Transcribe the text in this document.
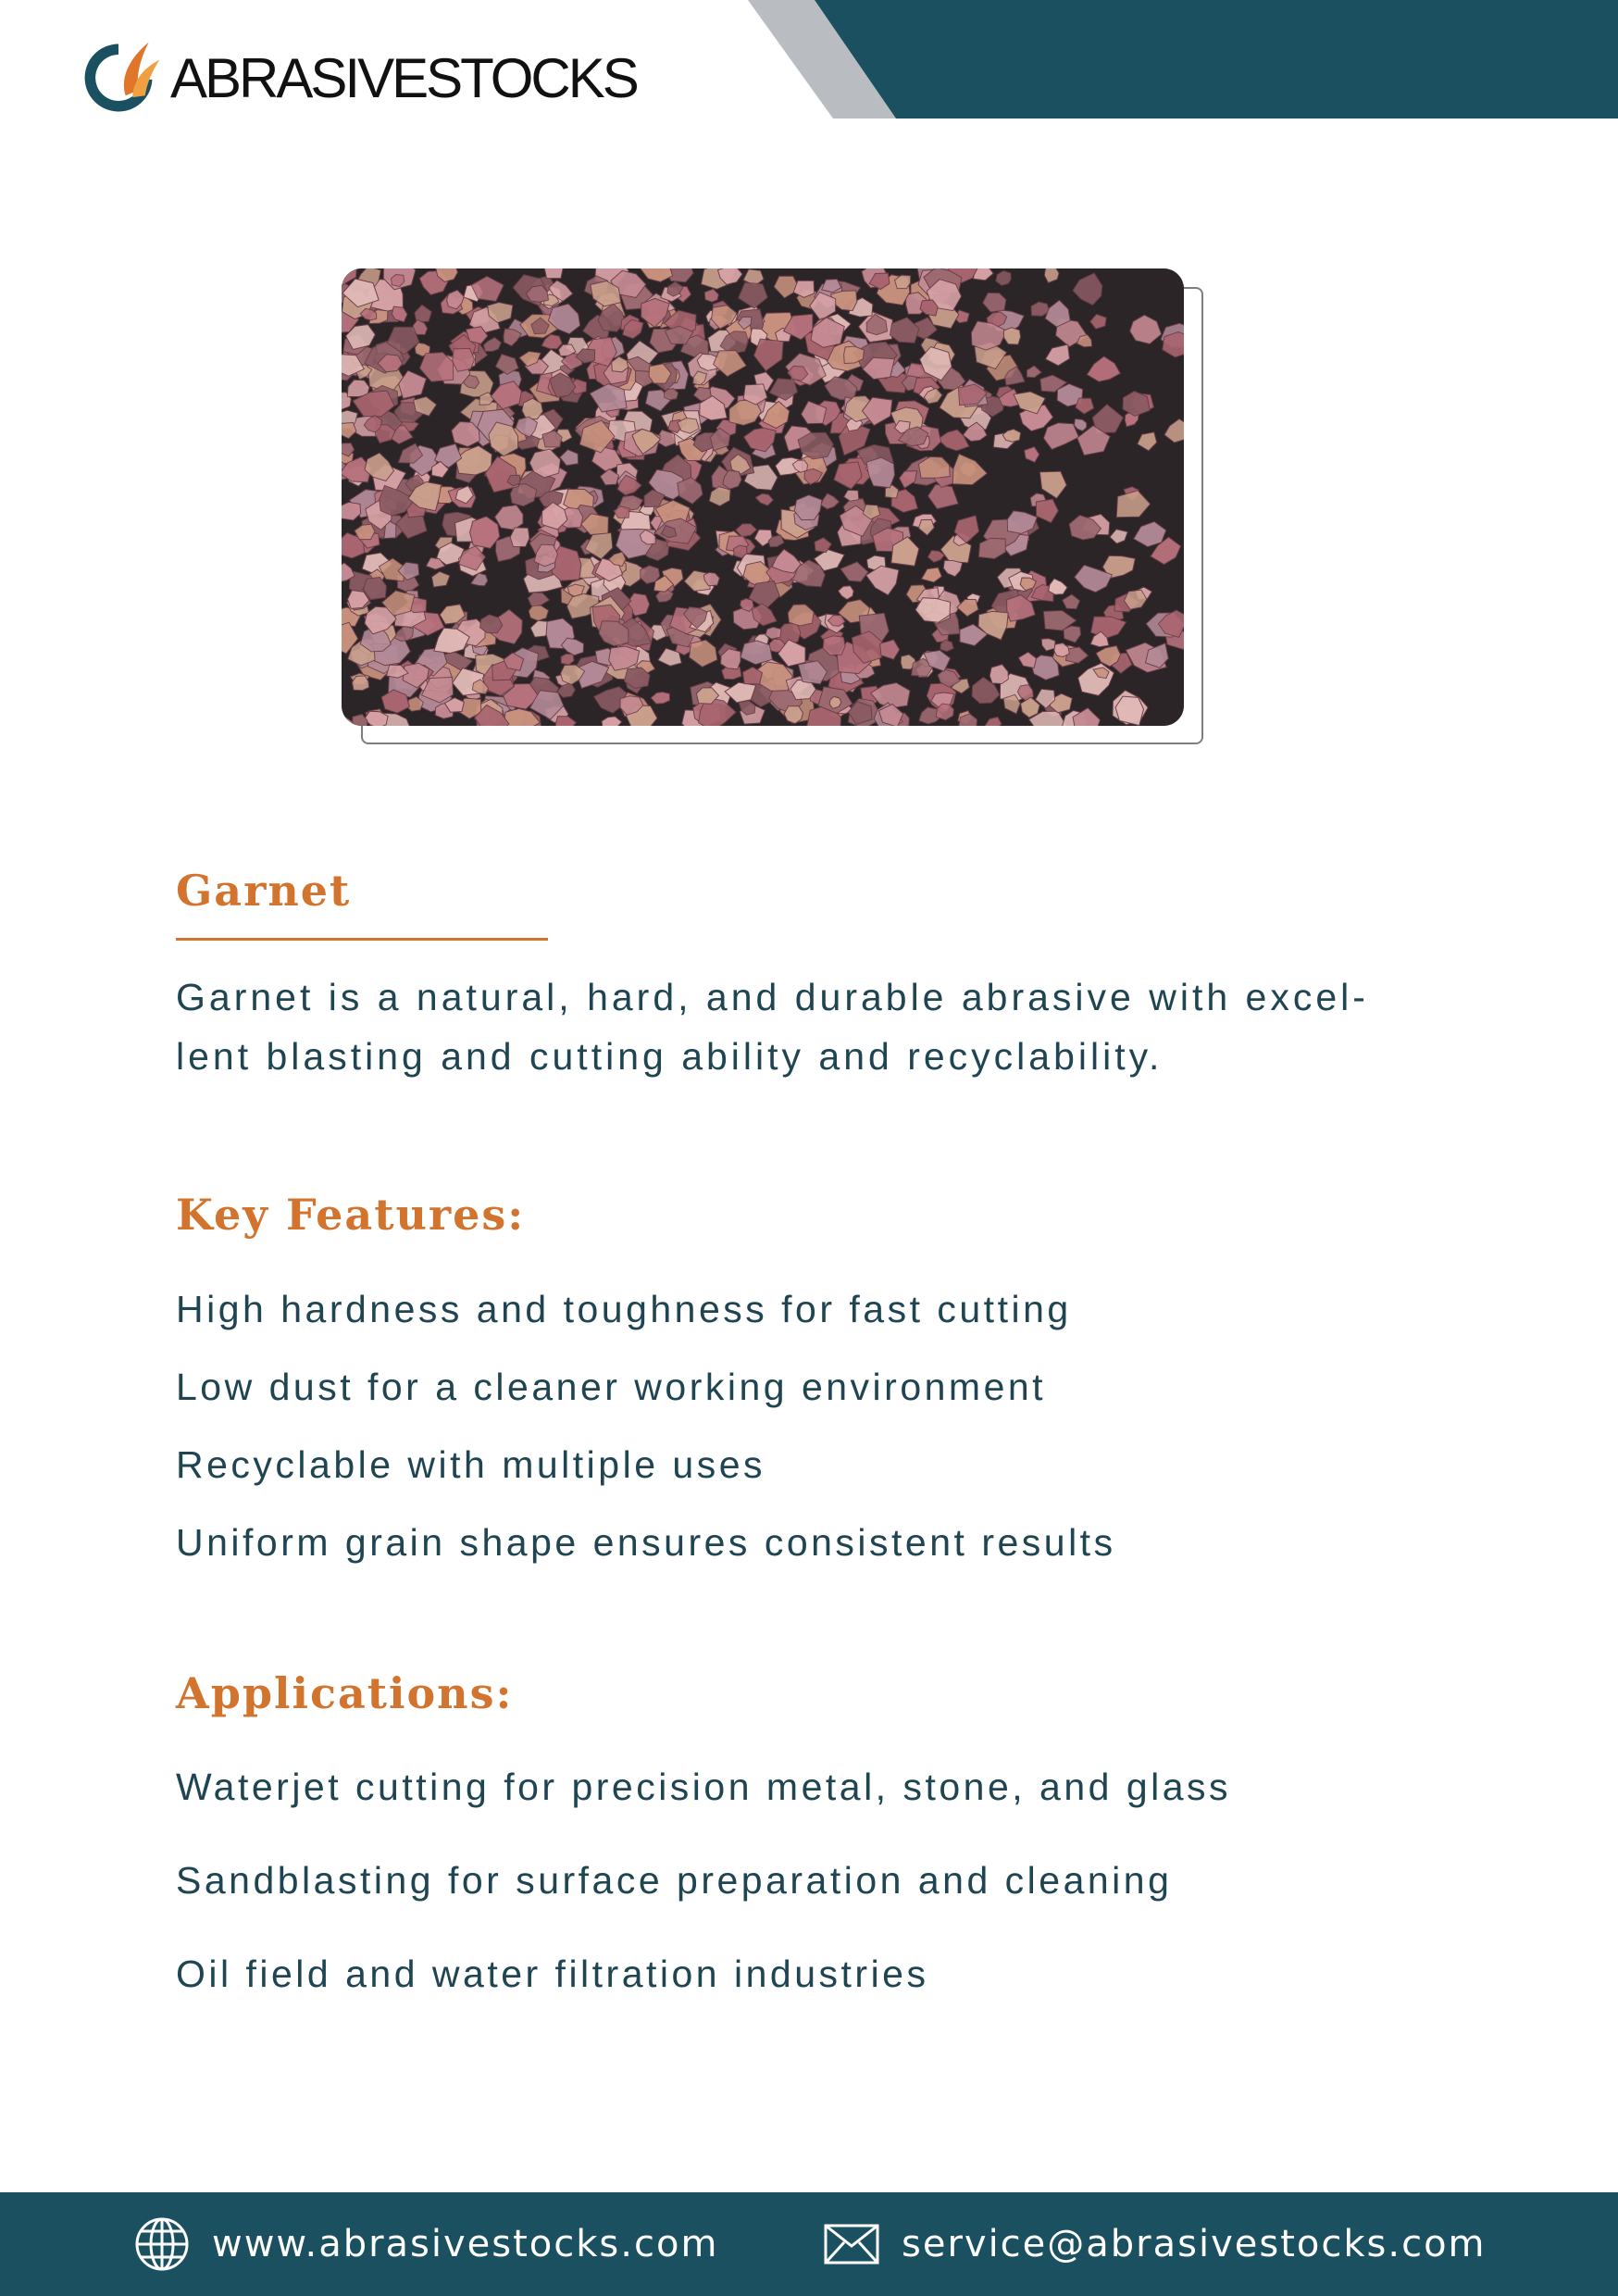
ABRASIVESTOCKS
Garnet

Garnet is a natural, hard, and durable abrasive with excel-
lent blasting and cutting ability and recyclability.

Key Features:
High hardness and toughness for fast cutting
Low dust for a cleaner working environment
Recyclable with multiple uses
Uniform grain shape ensures consistent results
Applications:
Waterjet cutting for precision metal, stone, and glass
Sandblasting for surface preparation and cleaning
Oil field and water filtration industries
www.abrasivestocks.com	service@abrasivestocks.com
